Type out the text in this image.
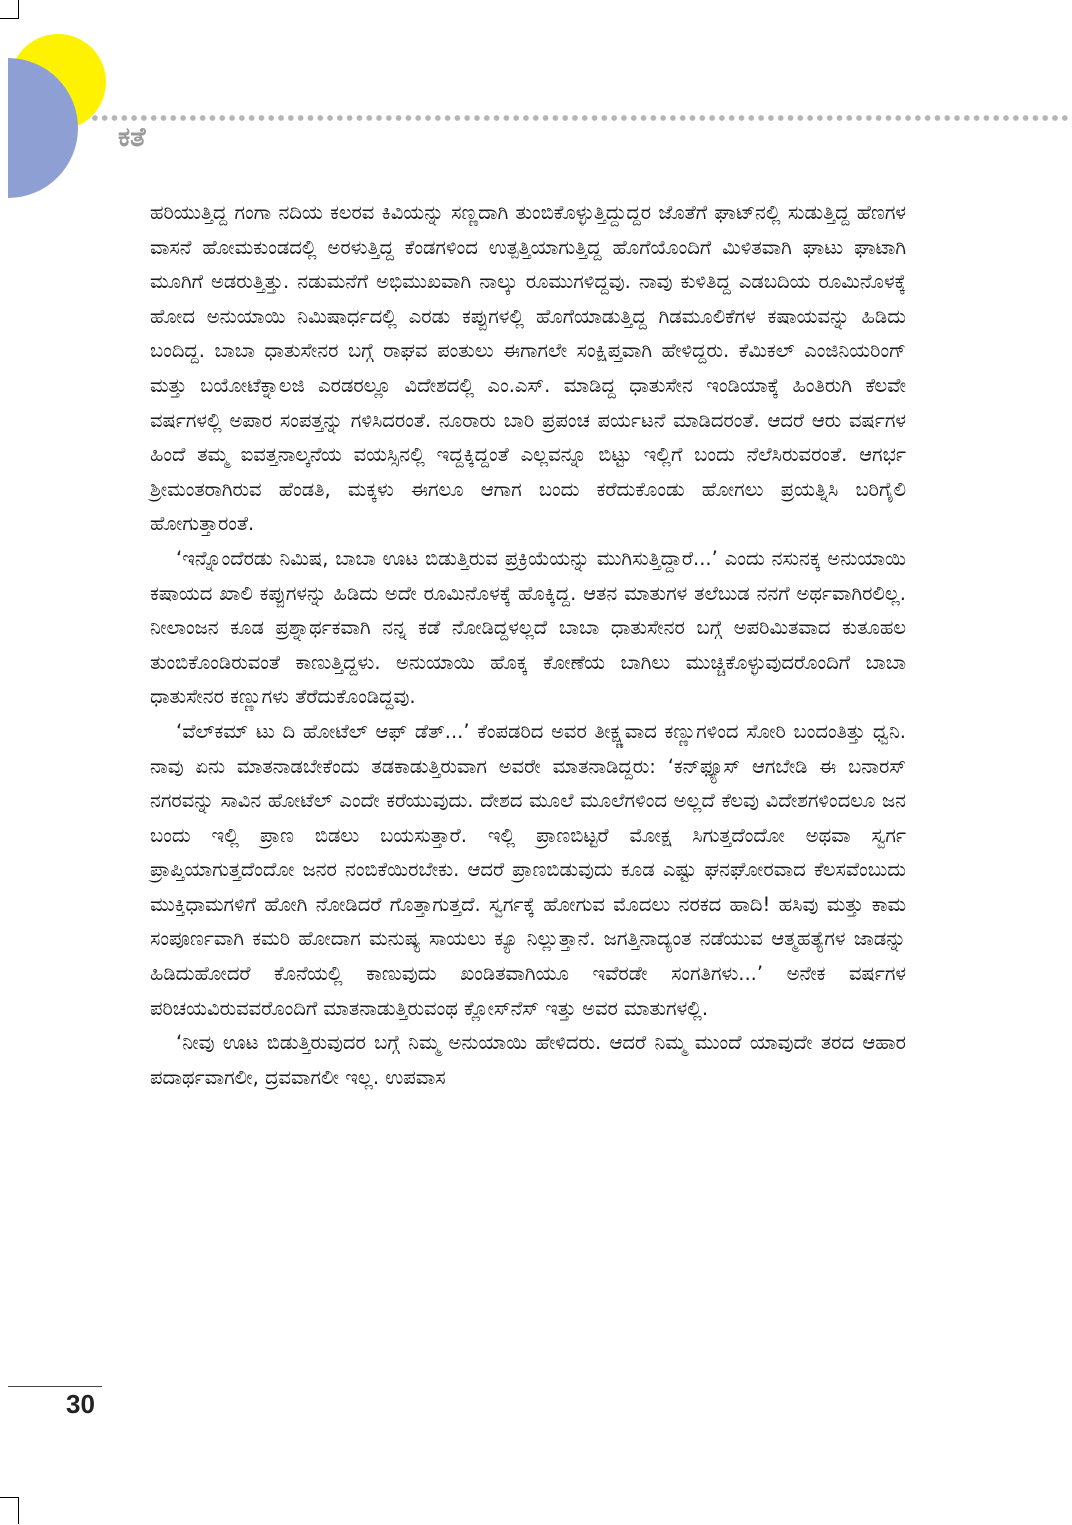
ಕತೆ

ಹರಿಯುತ್ತಿದ್ದ ಗಂಗಾ ನದಿಯ ಕಲರವ ಕಿವಿಯನ್ನು ಸಣ್ಣದಾಗಿ ತುಂಬಿಕೊಳ್ಳುತ್ತಿದ್ದುದ್ದರ ಜೊತೆಗೆ ಘಾಟ್‌ನಲ್ಲಿ ಸುಡುತ್ತಿದ್ದ ಹೆಣಗಳ ವಾಸನೆ ಹೋಮಕುಂಡದಲ್ಲಿ ಅರಳುತ್ತಿದ್ದ ಕೆಂಡಗಳಿಂದ ಉತ್ಪತ್ತಿಯಾಗುತ್ತಿದ್ದ ಹೊಗೆಯೊಂದಿಗೆ ಮಿಳಿತವಾಗಿ ಘಾಟು ಘಾಟಾಗಿ ಮೂಗಿಗೆ ಅಡರುತ್ತಿತ್ತು. ನಡುಮನೆಗೆ ಅಭಿಮುಖವಾಗಿ ನಾಲ್ಕು ರೂಮುಗಳಿದ್ದವು. ನಾವು ಕುಳಿತಿದ್ದ ಎಡಬದಿಯ ರೂಮಿನೊಳಕ್ಕೆ ಹೋದ ಅನುಯಾಯಿ ನಿಮಿಷಾರ್ಧದಲ್ಲಿ ಎರಡು ಕಪ್ಪುಗಳಲ್ಲಿ ಹೊಗೆಯಾಡುತ್ತಿದ್ದ ಗಿಡಮೂಲಿಕೆಗಳ ಕಷಾಯವನ್ನು ಹಿಡಿದು ಬಂದಿದ್ದ. ಬಾಬಾ ಧಾತುಸೇನರ ಬಗ್ಗೆ ರಾಘವ ಪಂತುಲು ಈಗಾಗಲೇ ಸಂಕ್ಷಿಪ್ತವಾಗಿ ಹೇಳಿದ್ದರು. ಕೆಮಿಕಲ್ ಎಂಜಿನಿಯರಿಂಗ್ ಮತ್ತು ಬಯೋಟೆಕ್ನಾಲಜಿ ಎರಡರಲ್ಲೂ ವಿದೇಶದಲ್ಲಿ ಎಂ.ಎಸ್. ಮಾಡಿದ್ದ ಧಾತುಸೇನ ಇಂಡಿಯಾಕ್ಕೆ ಹಿಂತಿರುಗಿ ಕೆಲವೇ ವರ್ಷಗಳಲ್ಲಿ ಅಪಾರ ಸಂಪತ್ತನ್ನು ಗಳಿಸಿದರಂತೆ. ನೂರಾರು ಬಾರಿ ಪ್ರಪಂಚ ಪರ್ಯಟನೆ ಮಾಡಿದರಂತೆ. ಆದರೆ ಆರು ವರ್ಷಗಳ ಹಿಂದೆ ತಮ್ಮ ಐವತ್ತನಾಲ್ಕನೆಯ ವಯಸ್ಸಿನಲ್ಲಿ ಇದ್ದಕ್ಕಿದ್ದಂತೆ ಎಲ್ಲವನ್ನೂ ಬಿಟ್ಟು ಇಲ್ಲಿಗೆ ಬಂದು ನೆಲೆಸಿರುವರಂತೆ. ಆಗರ್ಭ ಶ್ರೀಮಂತರಾಗಿರುವ ಹೆಂಡತಿ, ಮಕ್ಕಳು ಈಗಲೂ ಆಗಾಗ ಬಂದು ಕರೆದುಕೊಂಡು ಹೋಗಲು ಪ್ರಯತ್ನಿಸಿ ಬರಿಗೈಲಿ ಹೋಗುತ್ತಾರಂತೆ.

‘ಇನ್ನೊಂದೆರಡು ನಿಮಿಷ, ಬಾಬಾ ಊಟ ಬಿಡುತ್ತಿರುವ ಪ್ರಕ್ರಿಯೆಯನ್ನು ಮುಗಿಸುತ್ತಿದ್ದಾರೆ...’ ಎಂದು ನಸುನಕ್ಕ ಅನುಯಾಯಿ ಕಷಾಯದ ಖಾಲಿ ಕಪ್ಪುಗಳನ್ನು ಹಿಡಿದು ಅದೇ ರೂಮಿನೊಳಕ್ಕೆ ಹೊಕ್ಕಿದ್ದ. ಆತನ ಮಾತುಗಳ ತಲೆಬುಡ ನನಗೆ ಅರ್ಥವಾಗಿರಲಿಲ್ಲ. ನೀಲಾಂಜನ ಕೂಡ ಪ್ರಶ್ನಾರ್ಥಕವಾಗಿ ನನ್ನ ಕಡೆ ನೋಡಿದ್ದಳಲ್ಲದೆ ಬಾಬಾ ಧಾತುಸೇನರ ಬಗ್ಗೆ ಅಪರಿಮಿತವಾದ ಕುತೂಹಲ ತುಂಬಿಕೊಂಡಿರುವಂತೆ ಕಾಣುತ್ತಿದ್ದಳು. ಅನುಯಾಯಿ ಹೊಕ್ಕ ಕೋಣೆಯ ಬಾಗಿಲು ಮುಚ್ಚಿಕೊಳ್ಳುವುದರೊಂದಿಗೆ ಬಾಬಾ ಧಾತುಸೇನರ ಕಣ್ಣುಗಳು ತೆರೆದುಕೊಂಡಿದ್ದವು.

‘ವೆಲ್‌ಕಮ್ ಟು ದಿ ಹೋಟೆಲ್ ಆಫ್ ಡೆತ್...’ ಕೆಂಪಡರಿದ ಅವರ ತೀಕ್ಷ್ಣವಾದ ಕಣ್ಣುಗಳಿಂದ ಸೋರಿ ಬಂದಂತಿತ್ತು ಧ್ವನಿ. ನಾವು ಏನು ಮಾತನಾಡಬೇಕೆಂದು ತಡಕಾಡುತ್ತಿರುವಾಗ ಅವರೇ ಮಾತನಾಡಿದ್ದರು: ‘ಕನ್‌ಫ್ಯೂಸ್ ಆಗಬೇಡಿ ಈ ಬನಾರಸ್ ನಗರವನ್ನು ಸಾವಿನ ಹೋಟೆಲ್ ಎಂದೇ ಕರೆಯುವುದು. ದೇಶದ ಮೂಲೆ ಮೂಲೆಗಳಿಂದ ಅಲ್ಲದೆ ಕೆಲವು ವಿದೇಶಗಳಿಂದಲೂ ಜನ ಬಂದು ಇಲ್ಲಿ ಪ್ರಾಣ ಬಿಡಲು ಬಯಸುತ್ತಾರೆ. ಇಲ್ಲಿ ಪ್ರಾಣಬಿಟ್ಟರೆ ಮೋಕ್ಷ ಸಿಗುತ್ತದೆಂದೋ ಅಥವಾ ಸ್ವರ್ಗ ಪ್ರಾಪ್ತಿಯಾಗುತ್ತದೆಂದೋ ಜನರ ನಂಬಿಕೆಯಿರಬೇಕು. ಆದರೆ ಪ್ರಾಣಬಿಡುವುದು ಕೂಡ ಎಷ್ಟು ಘನಘೋರವಾದ ಕೆಲಸವೆಂಬುದು ಮುಕ್ತಿಧಾಮಗಳಿಗೆ ಹೋಗಿ ನೋಡಿದರೆ ಗೊತ್ತಾಗುತ್ತದೆ. ಸ್ವರ್ಗಕ್ಕೆ ಹೋಗುವ ಮೊದಲು ನರಕದ ಹಾದಿ! ಹಸಿವು ಮತ್ತು ಕಾಮ ಸಂಪೂರ್ಣವಾಗಿ ಕಮರಿ ಹೋದಾಗ ಮನುಷ್ಯ ಸಾಯಲು ಕ್ಯೂ ನಿಲ್ಲುತ್ತಾನೆ. ಜಗತ್ತಿನಾದ್ಯಂತ ನಡೆಯುವ ಆತ್ಮಹತ್ಯೆಗಳ ಜಾಡನ್ನು ಹಿಡಿದುಹೋದರೆ ಕೊನೆಯಲ್ಲಿ ಕಾಣುವುದು ಖಂಡಿತವಾಗಿಯೂ ಇವೆರಡೇ ಸಂಗತಿಗಳು...’ ಅನೇಕ ವರ್ಷಗಳ ಪರಿಚಯವಿರುವವರೊಂದಿಗೆ ಮಾತನಾಡುತ್ತಿರುವಂಥ ಕ್ಲೋಸ್‌ನೆಸ್ ಇತ್ತು ಅವರ ಮಾತುಗಳಲ್ಲಿ.

‘ನೀವು ಊಟ ಬಿಡುತ್ತಿರುವುದರ ಬಗ್ಗೆ ನಿಮ್ಮ ಅನುಯಾಯಿ ಹೇಳಿದರು. ಆದರೆ ನಿಮ್ಮ ಮುಂದೆ ಯಾವುದೇ ತರದ ಆಹಾರ ಪದಾರ್ಥವಾಗಲೀ, ದ್ರವವಾಗಲೀ ಇಲ್ಲ. ಉಪವಾಸ

30
